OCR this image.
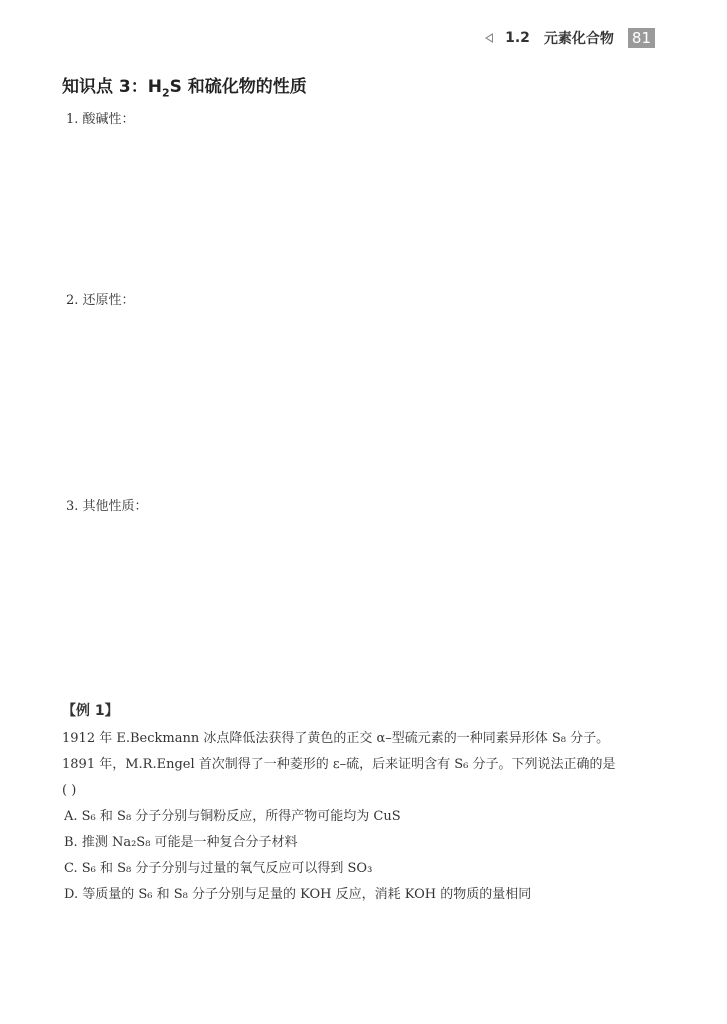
1.2 元素化合物 81
知识点 3：$H_2S$ 和硫化物的性质
1. 酸碱性：
2. 还原性：
3. 其他性质：
【例 1】
1912 年 E.Beckmann 冰点降低法获得了黄色的正交 α–型硫元素的一种同素异形体 S₈ 分子。
1891 年，M.R.Engel 首次制得了一种菱形的 ε–硫，后来证明含有 S₆ 分子。下列说法正确的是
( )
A. S₆ 和 S₈ 分子分别与铜粉反应，所得产物可能均为 CuS
B. 推测 Na₂S₈ 可能是一种复合分子材料
C. S₆ 和 S₈ 分子分别与过量的氧气反应可以得到 SO₃
D. 等质量的 S₆ 和 S₈ 分子分别与足量的 KOH 反应，消耗 KOH 的物质的量相同
